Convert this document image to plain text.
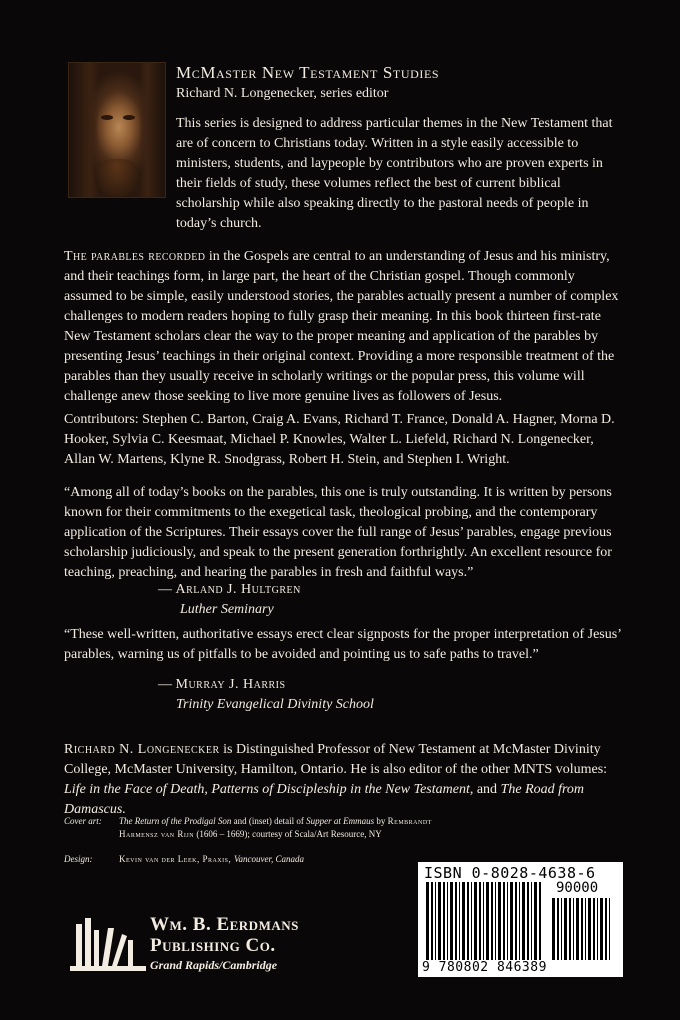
McMaster New Testament Studies

Richard N. Longenecker, series editor

This series is designed to address particular themes in the New Testament that are of concern to Christians today. Written in a style easily accessible to ministers, students, and laypeople by contributors who are proven experts in their fields of study, these volumes reflect the best of current biblical scholarship while also speaking directly to the pastoral needs of people in today’s church.

The parables recorded in the Gospels are central to an understanding of Jesus and his ministry, and their teachings form, in large part, the heart of the Christian gospel. Though commonly assumed to be simple, easily understood stories, the parables actually present a number of complex challenges to modern readers hoping to fully grasp their meaning. In this book thirteen first-rate New Testament scholars clear the way to the proper meaning and application of the parables by presenting Jesus’ teachings in their original context. Providing a more responsible treatment of the parables than they usually receive in scholarly writings or the popular press, this volume will challenge anew those seeking to live more genuine lives as followers of Jesus.

Contributors: Stephen C. Barton, Craig A. Evans, Richard T. France, Donald A. Hagner, Morna D. Hooker, Sylvia C. Keesmaat, Michael P. Knowles, Walter L. Liefeld, Richard N. Longenecker, Allan W. Martens, Klyne R. Snodgrass, Robert H. Stein, and Stephen I. Wright.

“Among all of today’s books on the parables, this one is truly outstanding. It is written by persons known for their commitments to the exegetical task, theological probing, and the contemporary application of the Scriptures. Their essays cover the full range of Jesus’ parables, engage previous scholarship judiciously, and speak to the present generation forthrightly. An excellent resource for teaching, preaching, and hearing the parables in fresh and faithful ways.”

— Arland J. Hultgren
Luther Seminary

“These well-written, authoritative essays erect clear signposts for the proper interpretation of Jesus’ parables, warning us of pitfalls to be avoided and pointing us to safe paths to travel.”

— Murray J. Harris
Trinity Evangelical Divinity School

Richard N. Longenecker is Distinguished Professor of New Testament at McMaster Divinity College, McMaster University, Hamilton, Ontario. He is also editor of the other MNTS volumes: Life in the Face of Death, Patterns of Discipleship in the New Testament, and The Road from Damascus.

Cover art:	The Return of the Prodigal Son and (inset) detail of Supper at Emmaus by Rembrandt Harmensz van Rijn (1606 – 1669); courtesy of Scala/Art Resource, NY
Design:	Kevin van der Leek, Praxis, Vancouver, Canada
ISBN 0-8028-4638-6
90000
9 780802 846389
Wm. B. Eerdmans
Publishing Co.
Grand Rapids/Cambridge
